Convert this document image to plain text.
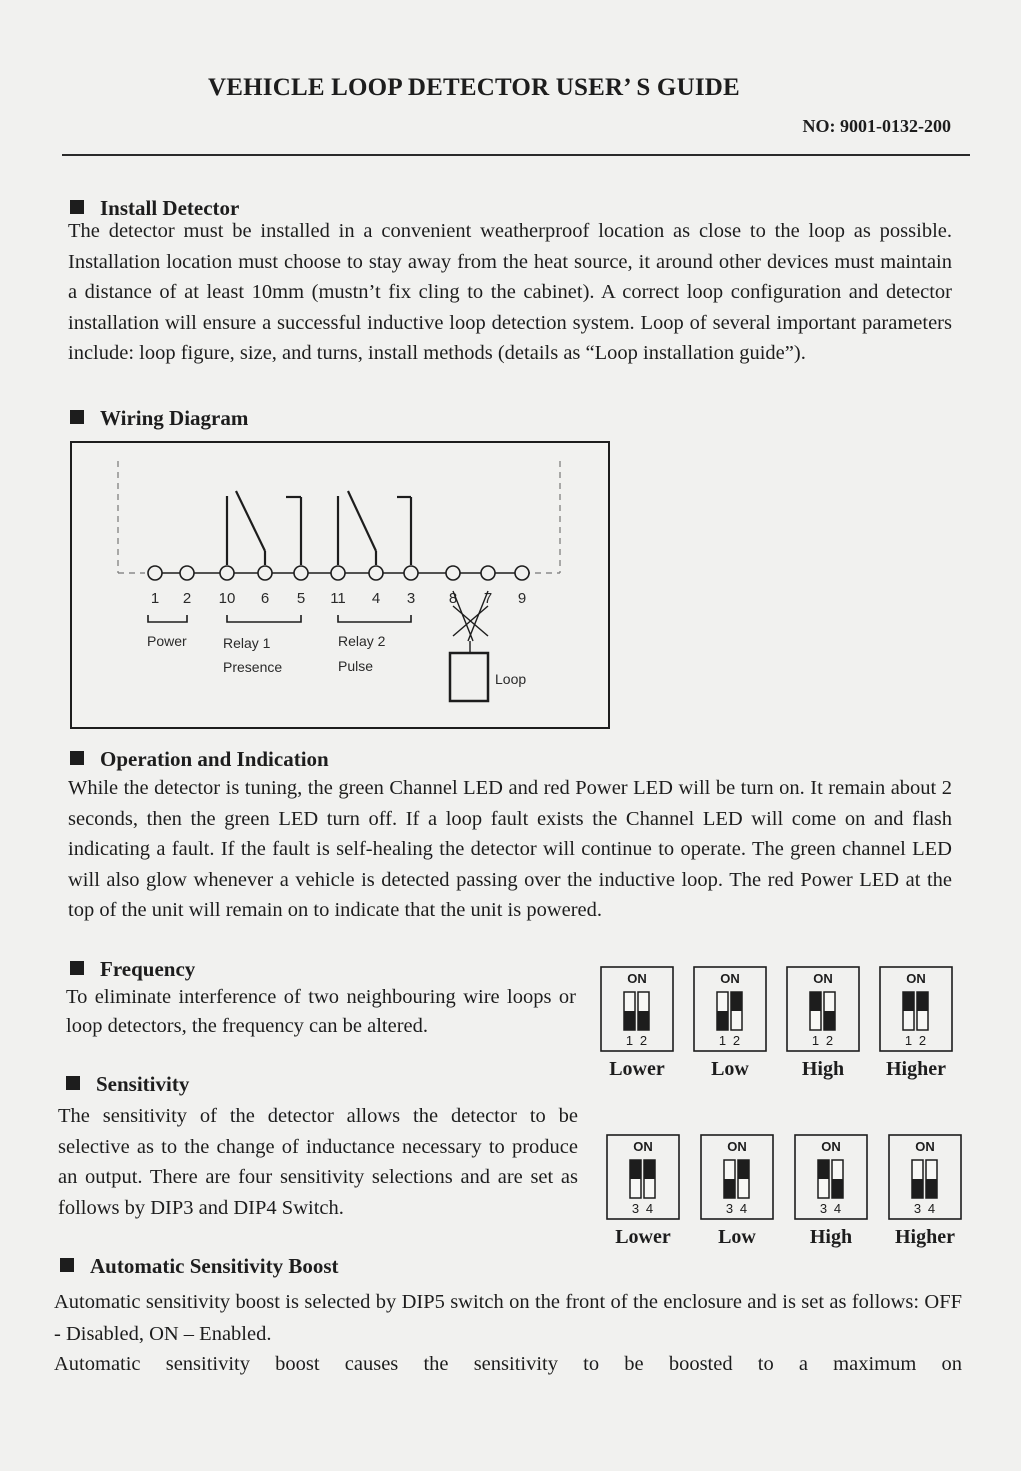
VEHICLE LOOP DETECTOR USER’ S GUIDE
NO: 9001-0132-200
Install Detector
The detector must be installed in a convenient weatherproof location as close to the loop as possible. Installation location must choose to stay away from the heat source, it around other devices must maintain a distance of at least 10mm (mustn’t fix cling to the cabinet). A correct loop configuration and detector installation will ensure a successful inductive loop detection system. Loop of several important parameters include: loop figure, size, and turns, install methods (details as “Loop installation guide”).
Wiring Diagram
1 2 10 6 5 11 4 3 8 7 9
Power	Relay 1
Presence
Relay 2
Pulse
Loop
Operation and Indication
While the detector is tuning, the green Channel LED and red Power LED will be turn on. It remain about 2 seconds, then the green LED turn off. If a loop fault exists the Channel LED will come on and flash indicating a fault. If the fault is self-healing the detector will continue to operate. The green channel LED will also glow whenever a vehicle is detected passing over the inductive loop. The red Power LED at the top of the unit will remain on to indicate that the unit is powered.
Frequency
To eliminate interference of two neighbouring wire loops or loop detectors, the frequency can be altered.
Sensitivity
The sensitivity of the detector allows the detector to be selective as to the change of inductance necessary to produce an output. There are four sensitivity selections and are set as follows by DIP3 and DIP4 Switch.
Automatic Sensitivity Boost
Automatic sensitivity boost is selected by DIP5 switch on the front of the enclosure and is set as follows: OFF - Disabled, ON – Enabled.
Automatic sensitivity boost causes the sensitivity to be boosted to a maximum on
ON
1 2
Lower
ON
1 2
Low
ON
1 2
High
ON
1 2
Higher
ON
3 4
Lower
ON
3 4
Low
ON
3 4
High
ON
3 4
Higher
